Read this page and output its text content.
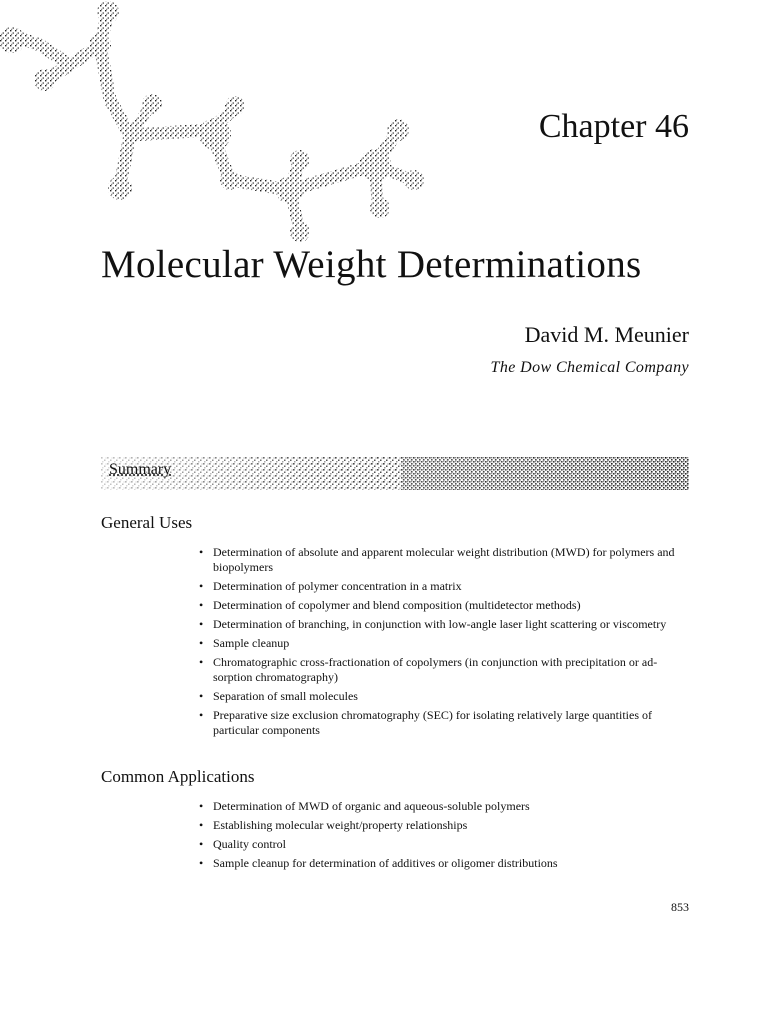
Chapter 46
Molecular Weight Determinations
David M. Meunier
The Dow Chemical Company
Summary
General Uses
• Determination of absolute and apparent molecular weight distribution (MWD) for polymers and biopolymers
• Determination of polymer concentration in a matrix
• Determination of copolymer and blend composition (multidetector methods)
• Determination of branching, in conjunction with low-angle laser light scattering or viscometry
• Sample cleanup
• Chromatographic cross-fractionation of copolymers (in conjunction with precipitation or ad-sorption chromatography)
• Separation of small molecules
• Preparative size exclusion chromatography (SEC) for isolating relatively large quantities of particular components
Common Applications
• Determination of MWD of organic and aqueous-soluble polymers
• Establishing molecular weight/property relationships
• Quality control
• Sample cleanup for determination of additives or oligomer distributions
853
